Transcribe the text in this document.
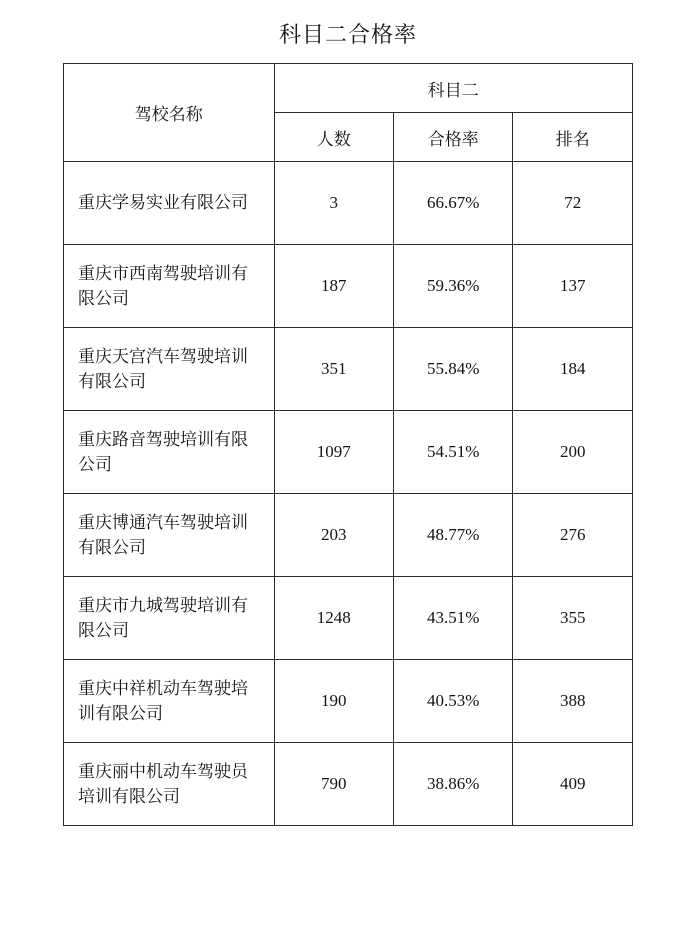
科目二合格率
驾校名称	科目二		
	人数	合格率	排名
重庆学易实业有限公司	3	66.67%	72
重庆市西南驾驶培训有限公司	187	59.36%	137
重庆天宫汽车驾驶培训有限公司	351	55.84%	184
重庆路音驾驶培训有限公司	1097	54.51%	200
重庆博通汽车驾驶培训有限公司	203	48.77%	276
重庆市九城驾驶培训有限公司	1248	43.51%	355
重庆中祥机动车驾驶培训有限公司	190	40.53%	388
重庆丽中机动车驾驶员培训有限公司	790	38.86%	409
